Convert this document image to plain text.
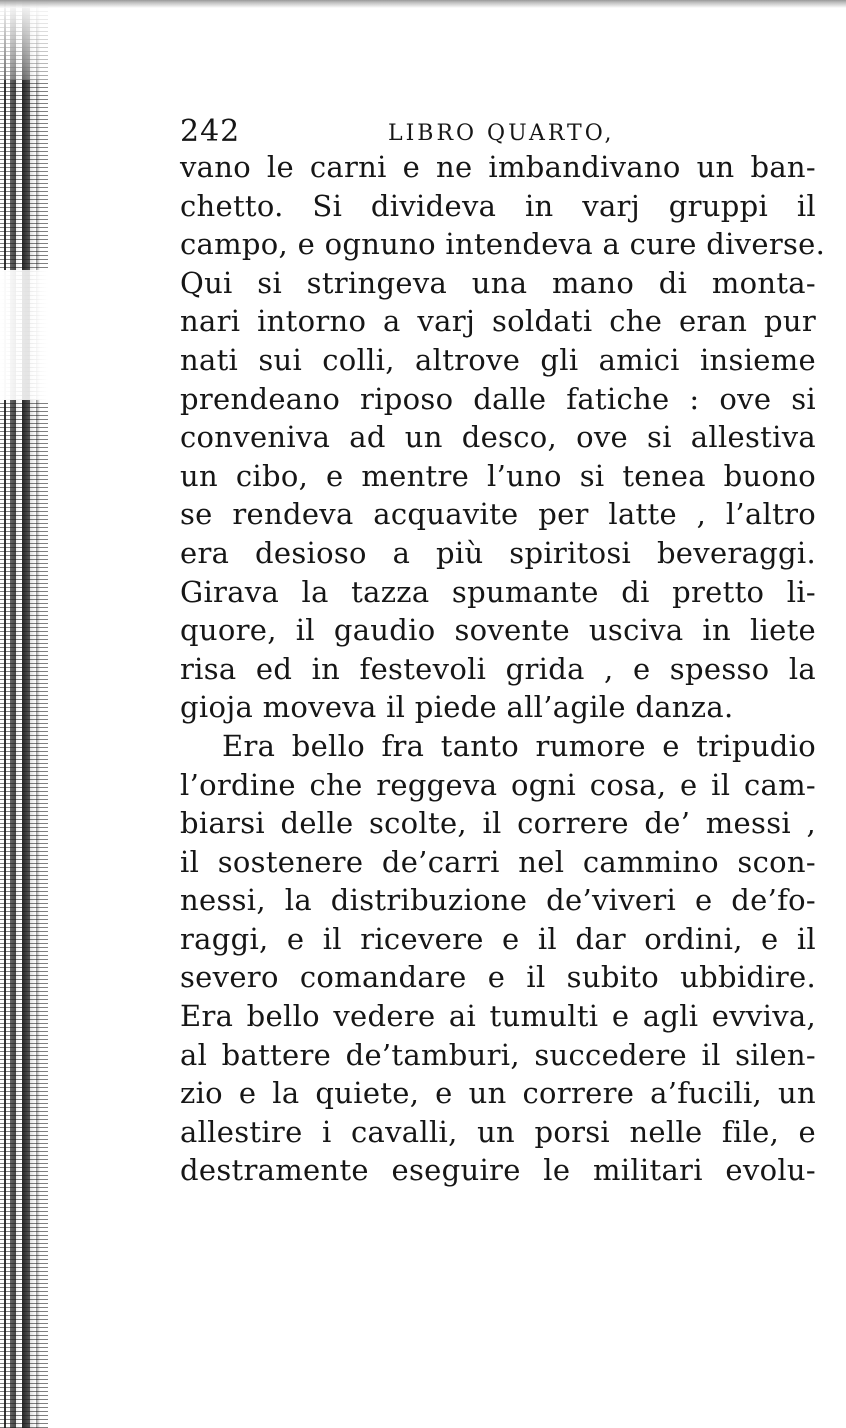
242	LIBRO QUARTO,
vano le carni e ne imbandivano un ban-
chetto. Si divideva in varj gruppi il
campo, e ognuno intendeva a cure diverse.
Qui si stringeva una mano di monta-
nari intorno a varj soldati che eran pur
nati sui colli, altrove gli amici insieme
prendeano riposo dalle fatiche : ove si
conveniva ad un desco, ove si allestiva
un cibo, e mentre l’uno si tenea buono
se rendeva acquavite per latte , l’altro
era desioso a più spiritosi beveraggi.
Girava la tazza spumante di pretto li-
quore, il gaudio sovente usciva in liete
risa ed in festevoli grida , e spesso la
gioja moveva il piede all’agile danza.
Era bello fra tanto rumore e tripudio
l’ordine che reggeva ogni cosa, e il cam-
biarsi delle scolte, il correre de’ messi ,
il sostenere de’carri nel cammino scon-
nessi, la distribuzione de’viveri e de’fo-
raggi, e il ricevere e il dar ordini, e il
severo comandare e il subito ubbidire.
Era bello vedere ai tumulti e agli evviva,
al battere de’tamburi, succedere il silen-
zio e la quiete, e un correre a’fucili, un
allestire i cavalli, un porsi nelle file, e
destramente eseguire le militari evolu-
